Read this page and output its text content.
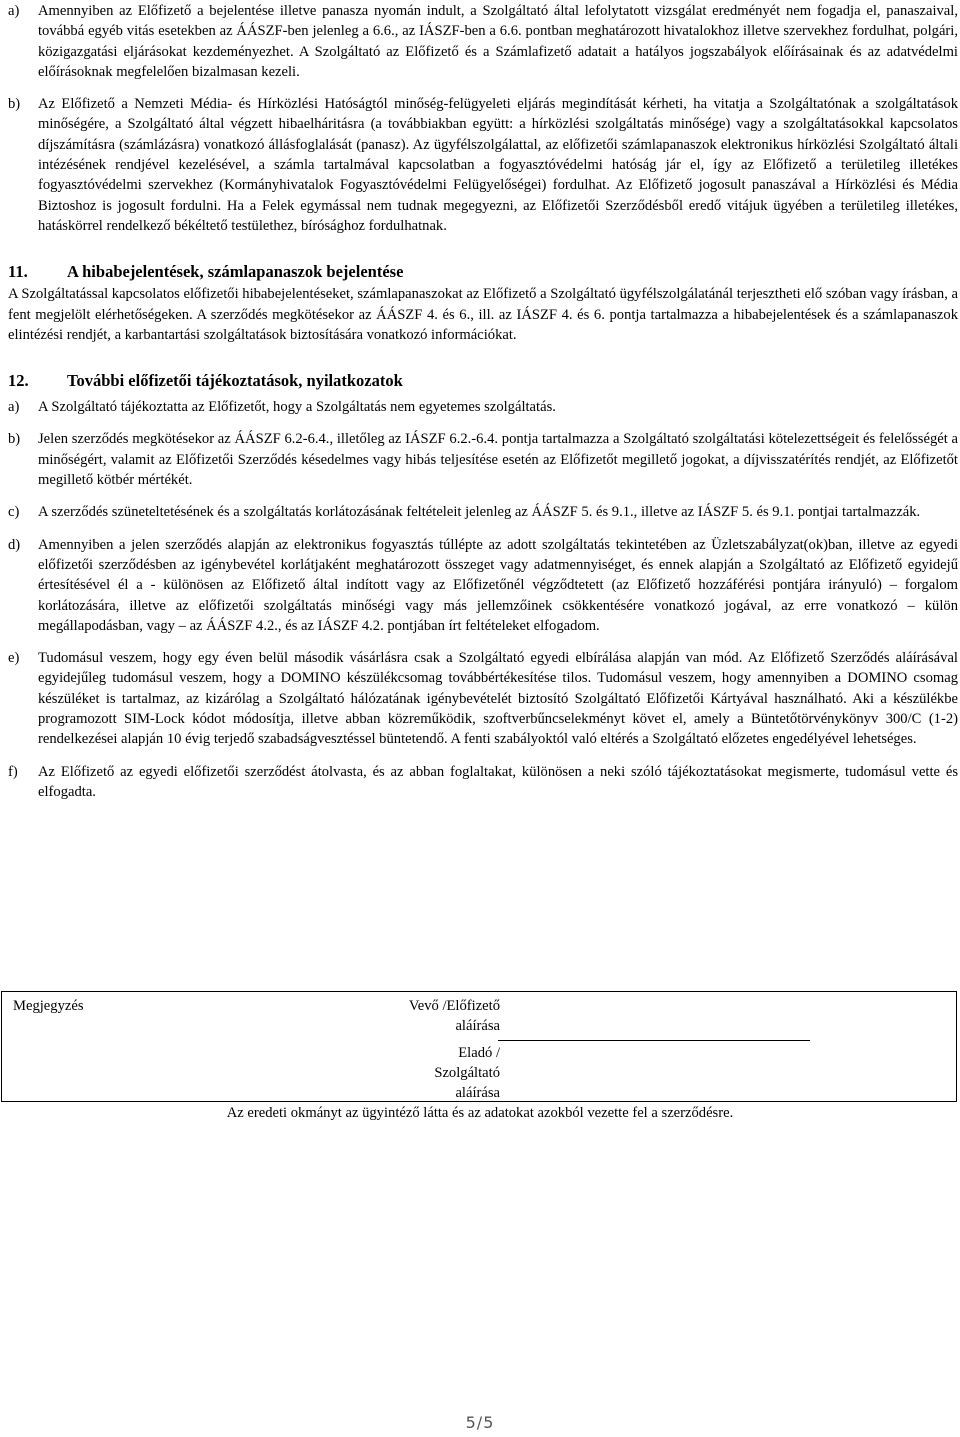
a)	Amennyiben az Előfizető a bejelentése illetve panasza nyomán indult, a Szolgáltató által lefolytatott vizsgálat eredményét nem fogadja el, panaszaival, továbbá egyéb vitás esetekben az ÁÁSZF-ben jelenleg a 6.6., az IÁSZF-ben a 6.6. pontban meghatározott hivatalokhoz illetve szervekhez fordulhat, polgári, közigazgatási eljárásokat kezdeményezhet. A Szolgáltató az Előfizető és a Számlafizető adatait a hatályos jogszabályok előírásainak és az adatvédelmi előírásoknak megfelelően bizalmasan kezeli.
b)	Az Előfizető a Nemzeti Média- és Hírközlési Hatóságtól minőség-felügyeleti eljárás megindítását kérheti, ha vitatja a Szolgáltatónak a szolgáltatások minőségére, a Szolgáltató által végzett hibaelháritásra (a továbbiakban együtt: a hírközlési szolgáltatás minősége) vagy a szolgáltatásokkal kapcsolatos díjszámításra (számlázásra) vonatkozó állásfoglalását (panasz). Az ügyfélszolgálattal, az előfizetői számlapanaszok elektronikus hírközlési Szolgáltató általi intézésének rendjével kezelésével, a számla tartalmával kapcsolatban a fogyasztóvédelmi hatóság jár el, így az Előfizető a területileg illetékes fogyasztóvédelmi szervekhez (Kormányhivatalok Fogyasztóvédelmi Felügyelőségei) fordulhat. Az Előfizető jogosult panaszával a Hírközlési és Média Biztoshoz is jogosult fordulni. Ha a Felek egymással nem tudnak megegyezni, az Előfizetői Szerződésből eredő vitájuk ügyében a területileg illetékes, hatáskörrel rendelkező békéltető testülethez, bírósághoz fordulhatnak.
11.	A hibabejelentések, számlapanaszok bejelentése
A Szolgáltatással kapcsolatos előfizetői hibabejelentéseket, számlapanaszokat az Előfizető a Szolgáltató ügyfélszolgálatánál terjesztheti elő szóban vagy írásban, a fent megjelölt elérhetőségeken. A szerződés megkötésekor az ÁÁSZF 4. és 6., ill. az IÁSZF 4. és 6. pontja tartalmazza a hibabejelentések és a számlapanaszok elintézési rendjét, a karbantartási szolgáltatások biztosítására vonatkozó információkat.
12.	További előfizetői tájékoztatások, nyilatkozatok
a)	A Szolgáltató tájékoztatta az Előfizetőt, hogy a Szolgáltatás nem egyetemes szolgáltatás.
b)	Jelen szerződés megkötésekor az ÁÁSZF 6.2-6.4., illetőleg az IÁSZF 6.2.-6.4. pontja tartalmazza a Szolgáltató szolgáltatási kötelezettségeit és felelősségét a minőségért, valamit az Előfizetői Szerződés késedelmes vagy hibás teljesítése esetén az Előfizetőt megillető jogokat, a díjvisszatérítés rendjét, az Előfizetőt megillető kötbér mértékét.
c)	A szerződés szüneteltetésének és a szolgáltatás korlátozásának feltételeit jelenleg az ÁÁSZF 5. és 9.1., illetve az IÁSZF 5. és 9.1. pontjai tartalmazzák.
d)	Amennyiben a jelen szerződés alapján az elektronikus fogyasztás túllépte az adott szolgáltatás tekintetében az Üzletszabályzat(ok)ban, illetve az egyedi előfizetői szerződésben az igénybevétel korlátjaként meghatározott összeget vagy adatmennyiséget, és ennek alapján a Szolgáltató az Előfizető egyidejű értesítésével él a - különösen az Előfizető által indított vagy az Előfizetőnél végződtetett (az Előfizető hozzáférési pontjára irányuló) – forgalom korlátozására, illetve az előfizetői szolgáltatás minőségi vagy más jellemzőinek csökkentésére vonatkozó jogával, az erre vonatkozó – külön megállapodásban, vagy – az ÁÁSZF 4.2., és az IÁSZF 4.2. pontjában írt feltételeket elfogadom.
e)	Tudomásul veszem, hogy egy éven belül második vásárlásra csak a Szolgáltató egyedi elbírálása alapján van mód. Az Előfizető Szerződés aláírásával egyidejűleg tudomásul veszem, hogy a DOMINO készülékcsomag továbbértékesítése tilos. Tudomásul veszem, hogy amennyiben a DOMINO csomag készüléket is tartalmaz, az kizárólag a Szolgáltató hálózatának igénybevételét biztosító Szolgáltató Előfizetői Kártyával használható. Aki a készülékbe programozott SIM-Lock kódot módosítja, illetve abban közreműködik, szoftverbűncselekményt követ el, amely a Büntetőtörvénykönyv 300/C (1-2) rendelkezései alapján 10 évig terjedő szabadságvesztéssel büntetendő. A fenti szabályoktól való eltérés a Szolgáltató előzetes engedélyével lehetséges.
f)	Az Előfizető az egyedi előfizetői szerződést átolvasta, és az abban foglaltakat, különösen a neki szóló tájékoztatásokat megismerte, tudomásul vette és elfogadta.
Megjegyzés	Vevő /Előfizető
aláírása
Eladó /
Szolgáltató
aláírása
Az eredeti okmányt az ügyintéző látta és az adatokat azokból vezette fel a szerződésre.
5/5
